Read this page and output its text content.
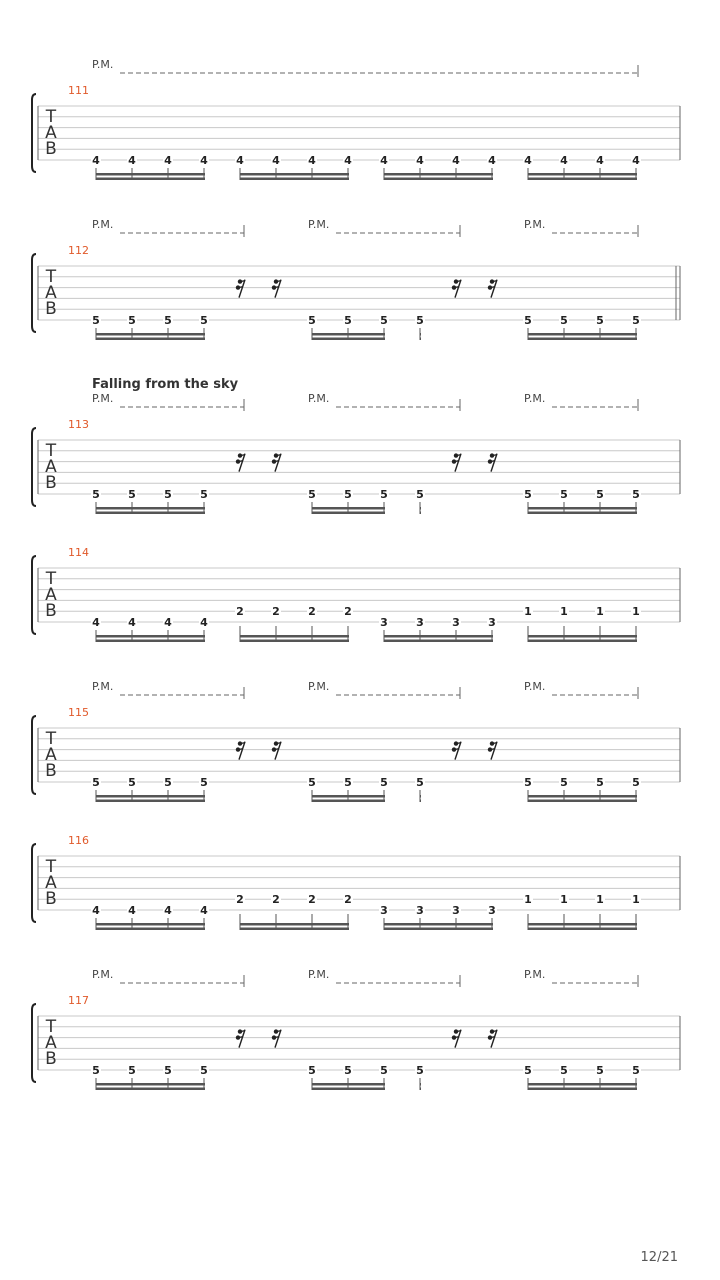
111
P.M.
T
A
B
4	4	4	4	4	4	4	4	4	4	4	4	4	4	4	4
112
P.M.	P.M.	P.M.
T
A
B
5	5	5	5	5	5	5	5	5	5	5	5
113
Falling from the sky
P.M.	P.M.	P.M.
T
A
B
5	5	5	5	5	5	5	5	5	5	5	5
114
T
A
B
4	4	4	4
2	2	2	2
3	3	3	3
1	1	1	1
115
P.M.	P.M.	P.M.
T
A
B
5	5	5	5	5	5	5	5	5	5	5	5
116
T
A
B
4	4	4	4
2	2	2	2
3	3	3	3
1	1	1	1
117
P.M.	P.M.	P.M.
T
A
B
5	5	5	5	5	5	5	5	5	5	5	5
12/21
